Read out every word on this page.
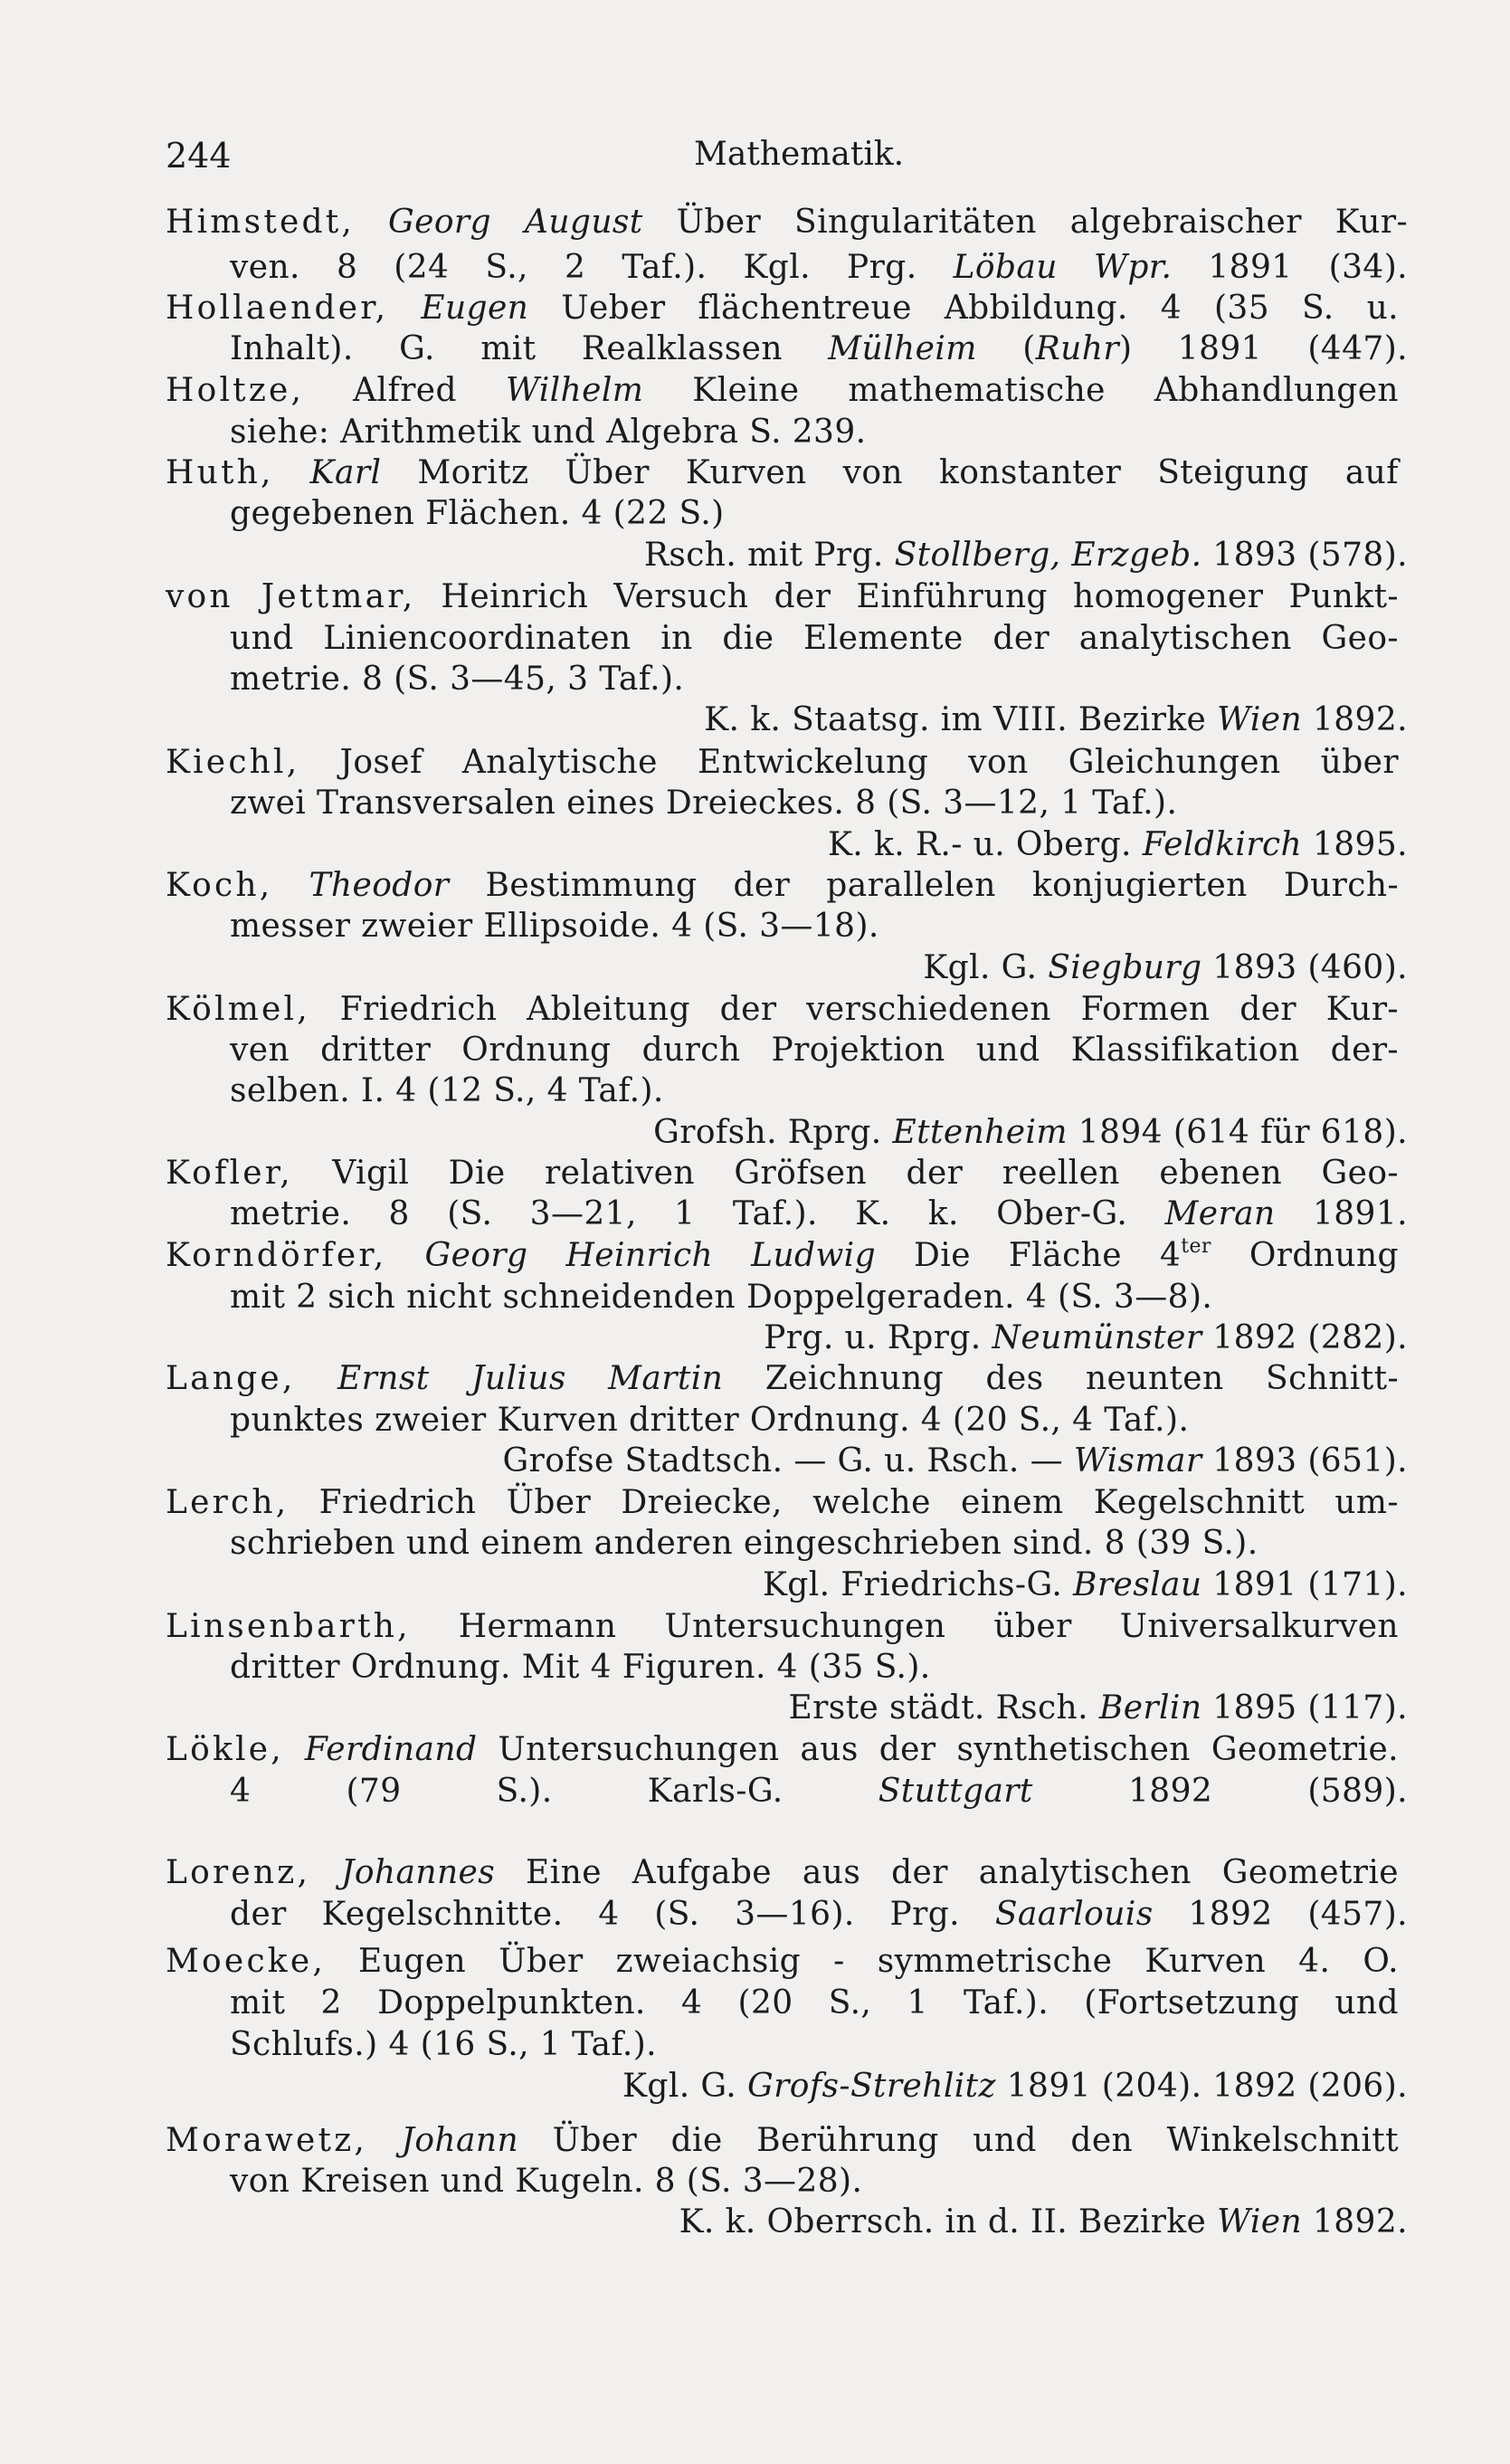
244	Mathematik.
Himstedt, Georg August Über Singularitäten algebraischer Kur-
ven. 8 (24 S., 2 Taf.). Kgl. Prg. Löbau Wpr. 1891 (34).
Hollaender, Eugen Ueber flächentreue Abbildung. 4 (35 S. u.
Inhalt). G. mit Realklassen Mülheim (Ruhr) 1891 (447).
Holtze, Alfred Wilhelm Kleine mathematische Abhandlungen
siehe: Arithmetik und Algebra S. 239.
Huth, Karl Moritz Über Kurven von konstanter Steigung auf
gegebenen Flächen. 4 (22 S.)
Rsch. mit Prg. Stollberg, Erzgeb. 1893 (578).
von Jettmar, Heinrich Versuch der Einführung homogener Punkt-
und Liniencoordinaten in die Elemente der analytischen Geo-
metrie. 8 (S. 3—45, 3 Taf.).
K. k. Staatsg. im VIII. Bezirke Wien 1892.
Kiechl, Josef Analytische Entwickelung von Gleichungen über
zwei Transversalen eines Dreieckes. 8 (S. 3—12, 1 Taf.).
K. k. R.- u. Oberg. Feldkirch 1895.
Koch, Theodor Bestimmung der parallelen konjugierten Durch-
messer zweier Ellipsoide. 4 (S. 3—18).
Kgl. G. Siegburg 1893 (460).
Kölmel, Friedrich Ableitung der verschiedenen Formen der Kur-
ven dritter Ordnung durch Projektion und Klassifikation der-
selben. I. 4 (12 S., 4 Taf.).
Grofsh. Rprg. Ettenheim 1894 (614 für 618).
Kofler, Vigil Die relativen Gröfsen der reellen ebenen Geo-
metrie. 8 (S. 3—21, 1 Taf.). K. k. Ober-G. Meran 1891.
Korndörfer, Georg Heinrich Ludwig Die Fläche $4^{ter}$ Ordnung
mit 2 sich nicht schneidenden Doppelgeraden. 4 (S. 3—8).
Prg. u. Rprg. Neumünster 1892 (282).
Lange, Ernst Julius Martin Zeichnung des neunten Schnitt-
punktes zweier Kurven dritter Ordnung. 4 (20 S., 4 Taf.).
Grofse Stadtsch. — G. u. Rsch. — Wismar 1893 (651).
Lerch, Friedrich Über Dreiecke, welche einem Kegelschnitt um-
schrieben und einem anderen eingeschrieben sind. 8 (39 S.).
Kgl. Friedrichs-G. Breslau 1891 (171).
Linsenbarth, Hermann Untersuchungen über Universalkurven
dritter Ordnung. Mit 4 Figuren. 4 (35 S.).
Erste städt. Rsch. Berlin 1895 (117).
Lökle, Ferdinand Untersuchungen aus der synthetischen Geometrie.
4 (79 S.). Karls-G. Stuttgart 1892 (589).
Lorenz, Johannes Eine Aufgabe aus der analytischen Geometrie
der Kegelschnitte. 4 (S. 3—16). Prg. Saarlouis 1892 (457).
Moecke, Eugen Über zweiachsig - symmetrische Kurven 4. O.
mit 2 Doppelpunkten. 4 (20 S., 1 Taf.). (Fortsetzung und
Schlufs.) 4 (16 S., 1 Taf.).
Kgl. G. Grofs-Strehlitz 1891 (204). 1892 (206).
Morawetz, Johann Über die Berührung und den Winkelschnitt
von Kreisen und Kugeln. 8 (S. 3—28).
K. k. Oberrsch. in d. II. Bezirke Wien 1892.
